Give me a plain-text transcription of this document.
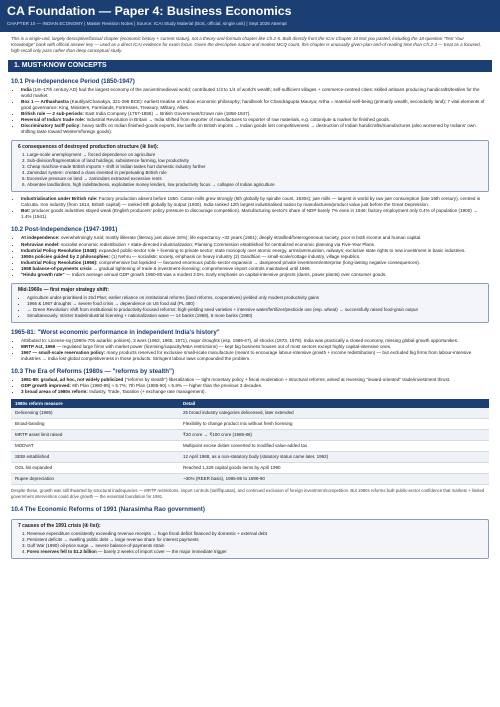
CA Foundation — Paper 4: Business Economics
CHAPTER 10 — INDIAN ECONOMY | Master Revision Notes | Source: ICAI Study Material (BoS, official, single unit) | Sept 2026 Attempt
This is a single-unit, largely descriptive/factual chapter (economic history + current status), not a theory-and-formula chapter like Ch.2-5. Built directly from the ICAI Chapter 10 text you pasted, including the 18-question "Test Your Knowledge" bank with official answer key — used as a direct ICAI evidence for exam focus. Given the descriptive nature and modest MCQ count, this chapter is unusually given-plan-and-of reading time than Ch.2-3 — treat as a focused, high-recall only pass rather than deep conceptual study.
1. MUST-KNOW CONCEPTS
10.1 Pre-Independence Period (1850-1947)
• India (1st–17th century AD) had the largest economy of the ancient/medieval world; contributed 1/3 to 1/4 of world's wealth; self-sufficient villages + commerce-centred cities; skilled artisans producing handicrafts/textiles for the world market.
• Box 1 — Arthashastra (Kautilya/Chanakya, 321-296 BCE): earliest treatise on Indian economic philosophy; handbook for Chandragupta Maurya; Artha = material well-being (primarily wealth, secondarily land); 7 vital elements of good governance: King, Ministers, Farmlands, Fortresses, Treasury, Military, Allies.
• British rule — 2 sub-periods: East India Company (1757-1858) → British Government/Crown rule (1858-1947).
• Reversal of India's trade role: Industrial Revolution in Britain → India shifted from exporter of manufactures to exporter of raw materials, e.g. cotton/jute & market for finished goods.
• Discriminatory tariff policy: heavy tariffs on Indian finished-goods exports, low tariffs on British imports → Indian goods lost competitiveness → destruction of Indian handicrafts/manufactures (also worsened by Indians' own shifting taste toward Western/foreign goods).
6 consequences of destroyed production structure (④ list):
1. Large-scale unemployment → forced dependence on agriculture
2. Sub-division/fragmentation of land holdings, subsistence farming, low productivity
3. Cheap machine-made British imports + shift in Indian tastes hurt domestic industry further
4. Zamindari system: created a class invested in perpetuating British rule
5. Excessive pressure on land → zamindars extracted excessive rents
6. Absentee landlordism, high indebtedness, exploitative money lenders, low productivity focus → collapse of Indian agriculture
• Industrialisation under British rule: Factory production absent before 1850. Cotton mills grew strongly (5th globally by spindle count, 1930s); jute mills — largest in world by raw jute consumption (late 19th century), centred in Calcutta. Iron industry (from 1814, British capital) — ranked 8th globally by output (1930). India ranked 12th largest industrialised nation by manufactures/product value just before the Great Depression.
• Bot: producer goods industries stayed weak (English producers' policy pressure to discourage competition). Manufacturing sector's share of NDP barely 7% even in 1946; factory employment only 0.4% of population (1900) → 1.4% (1941).
10.2 Post-Independence (1947-1991)
• At independence: overwhelmingly rural; mostly illiterate (literacy just above 18%); life expectancy ~32 years (1951); deeply stratified/heterogeneous society, poor in both income and human capital.
• Nehruvian model: socialist economic redistribution + state-directed industrialization; Planning Commission established for centralized economic planning via Five-Year Plans.
• Industrial Policy Resolution (1948): expanded public-sector role + licensing to private sector; state monopoly over atomic energy, arms/ammunition, railways; exclusive state rights to new investment in basic industries.
• 1950s policies guided by 2 philosophies: (1) Nehru — socialistic society, emphasis on heavy industry (2) Gandhian — small-scale/cottage industry, village republics.
• Industrial Policy Resolution (1956): comprehensive but lopsided — favoured enormous public-sector expansion → dampened private investment/enterprise (long-lasting negative consequences).
• 1958 balance-of-payments crisis → gradual tightening of trade & investment-licensing; comprehensive import controls maintained until 1966.
• "Hindu growth rate" — India's average annual GDP growth 1950-80 was a modest 3.5%. Early emphasis on capital-intensive projects (dams, power plants) over consumer goods.
Mid-1960s — first major strategy shift:
• Agriculture under-prioritised in 2nd Plan; earlier reliance on institutional reforms (land reforms, cooperatives) yielded only modest productivity gains
• 1966 & 1967 droughts → severe food crisis → dependence on US food aid (PL 480)
• → Green Revolution: shift from institutional to productivity-focused reforms: high-yielding seed varieties + intensive water/fertilizer/pesticide use (esp. wheat) → successfully raised food-grain output
• Simultaneously: stricter trade/industrial licensing + nationalization wave — 14 banks (1969), 6 more banks (1980)
1965-81: "Worst economic performance in independent India's history"
• Attributed to: License-raj (1960s-70s autarkic policies), 3 wars (1962, 1965, 1971), major droughts (esp. 1966-67), oil shocks (1973, 1979). India was practically a closed economy, missing global growth opportunities.
• MRTP Act, 1969 — regulated large firms with market power (licensing/capacity/M&A restrictions) — kept big business houses out of most sectors except highly capital-intensive ones.
• 1967 — small-scale reservation policy: many products reserved for exclusive small-scale manufacture (meant to encourage labour-intensive growth + income redistribution) — but excluded big firms from labour-intensive industries → India lost global competitiveness in those products. Stringent labour laws compounded the problem.
10.3 The Era of Reforms (1980s — "reforms by stealth")
• 1981-89: gradual, ad hoc, not widely publicized ("reforms by stealth") liberalization — tight monetary policy + fiscal moderation + structural reforms; aimed at reversing "inward-oriented" trade/investment thrust.
• GDP growth improved: 6th Plan (1980-85) ≈ 5.7%; 7th Plan (1985-90) ≈ 5.8% — higher than the previous 3 decades.
• 3 broad areas of 1980s reform: Industry, Trade, Taxation (+ exchange rate management).
1980s reform measure	Detail
Delicensing (1985)	25 broad industry categories delicensed, later extended
Broad-banding	Flexibility to change product mix without fresh licensing
MRTP asset limit raised	₹20 crore → ₹100 crore (1985-86)
MODVAT	Multipoint excise duties converted to modified value-added tax
SEBI established	12 April 1988, as a non-statutory body (statutory status came later, 1992)
OGL list expanded	Reached 1,329 capital goods items by April 1990
Rupee depreciation	~30% (REER basis), 1985-86 to 1989-90
Despite these, growth was still thwarted by structural inadequacies — MRTP restrictions, import controls (tariff/quotas), and continued exclusion of foreign investment/competition. But 1980s reforms built public-sector confidence that markets + limited government intervention could drive growth — the essential foundation for 1991.
10.4 The Economic Reforms of 1991 (Narasimha Rao government)
7 causes of the 1991 crisis (④ list):
1. Revenue expenditure consistently exceeding revenue receipts → huge fiscal deficit financed by domestic + external debt
2. Persistent deficits → swelling public debt → large revenue share for interest payments
3. Gulf War (1990) oil-price surge → severe balance-of-payments strain
4. Forex reserves fell to $1.2 billion — barely 2 weeks of import cover — the major immediate trigger
